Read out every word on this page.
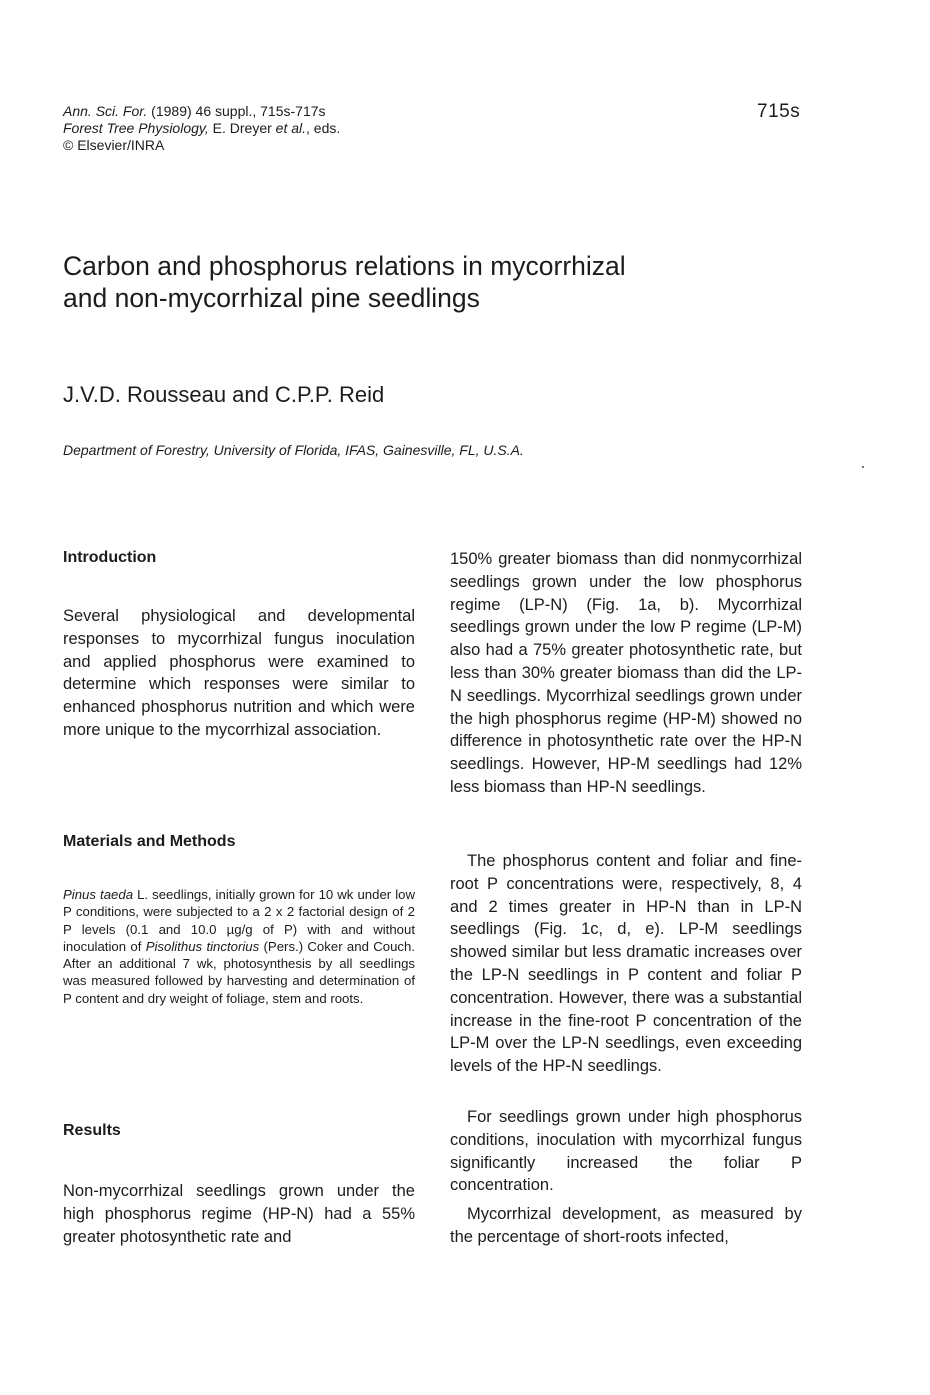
Ann. Sci. For. (1989) 46 suppl., 715s-717s
Forest Tree Physiology, E. Dreyer et al., eds.
© Elsevier/INRA
715s
Carbon and phosphorus relations in mycorrhizal
and non-mycorrhizal pine seedlings
J.V.D. Rousseau and C.P.P. Reid
Department of Forestry, University of Florida, IFAS, Gainesville, FL, U.S.A.
Introduction

Several physiological and developmental responses to mycorrhizal fungus inoculation and applied phosphorus were examined to determine which responses were similar to enhanced phosphorus nutrition and which were more unique to the mycorrhizal association.

Materials and Methods

Pinus taeda L. seedlings, initially grown for 10 wk under low P conditions, were subjected to a 2 x 2 factorial design of 2 P levels (0.1 and 10.0 µg/g of P) with and without inoculation of Pisolithus tinctorius (Pers.) Coker and Couch. After an additional 7 wk, photosynthesis by all seedlings was measured followed by harvesting and determination of P content and dry weight of foliage, stem and roots.

Results

Non-mycorrhizal seedlings grown under the high phosphorus regime (HP-N) had a 55% greater photosynthetic rate and

150% greater biomass than did nonmycorrhizal seedlings grown under the low phosphorus regime (LP-N) (Fig. 1a, b). Mycorrhizal seedlings grown under the low P regime (LP-M) also had a 75% greater photosynthetic rate, but less than 30% greater biomass than did the LP-N seedlings. Mycorrhizal seedlings grown under the high phosphorus regime (HP-M) showed no difference in photosynthetic rate over the HP-N seedlings. However, HP-M seedlings had 12% less biomass than HP-N seedlings.

The phosphorus content and foliar and fine-root P concentrations were, respectively, 8, 4 and 2 times greater in HP-N than in LP-N seedlings (Fig. 1c, d, e). LP-M seedlings showed similar but less dramatic increases over the LP-N seedlings in P content and foliar P concentration. However, there was a substantial increase in the fine-root P concentration of the LP-M over the LP-N seedlings, even exceeding levels of the HP-N seedlings.

For seedlings grown under high phosphorus conditions, inoculation with mycorrhizal fungus significantly increased the foliar P concentration.

Mycorrhizal development, as measured by the percentage of short-roots infected,
